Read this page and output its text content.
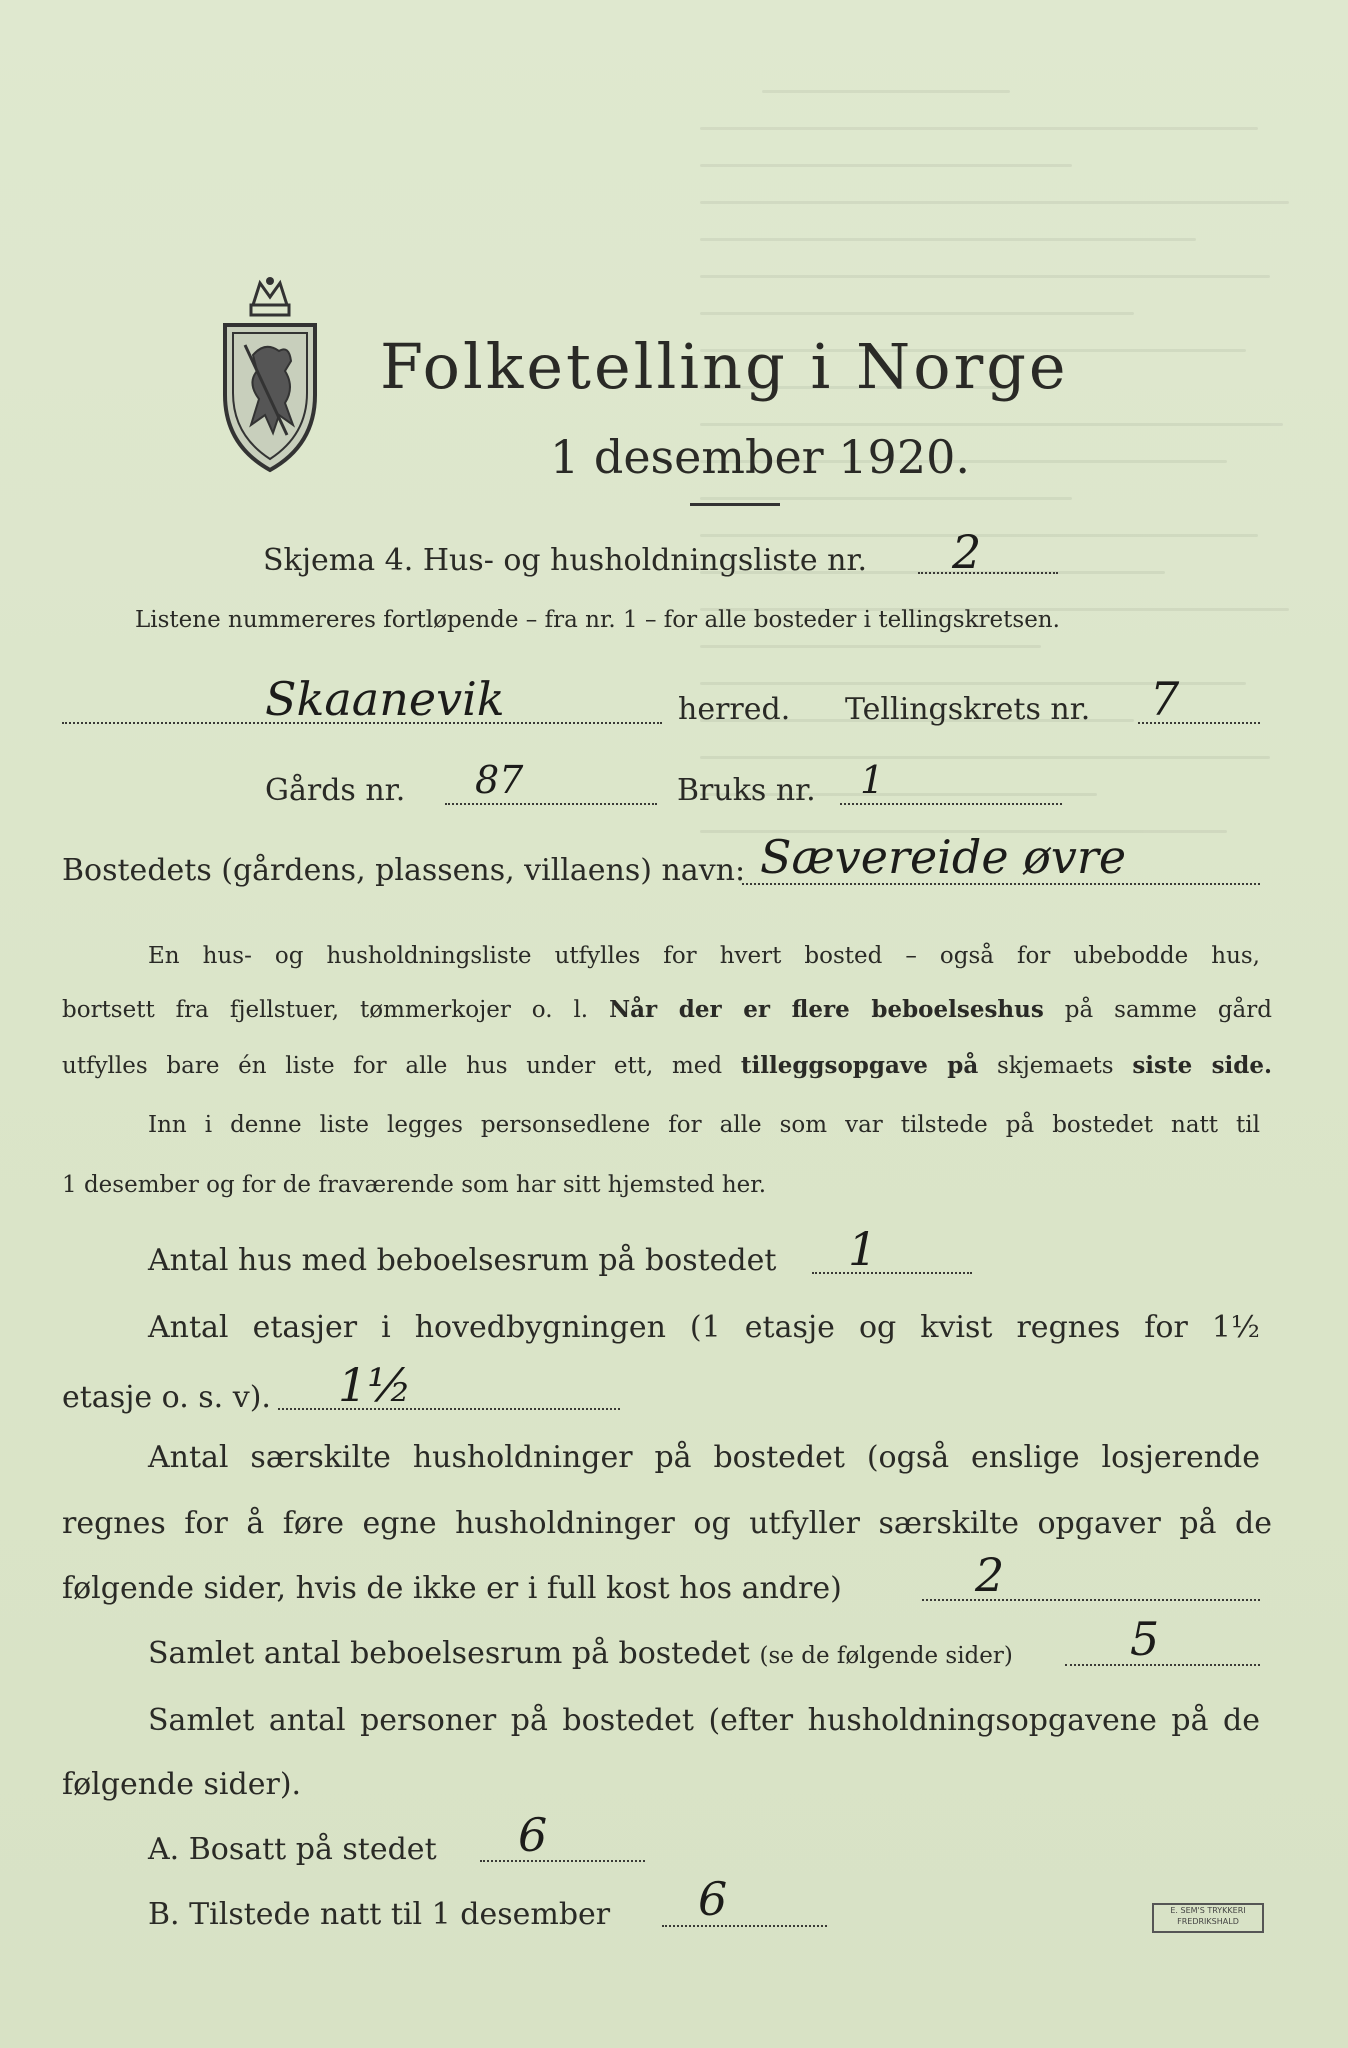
Folketelling i Norge
1 desember 1920.
Skjema 4. Hus- og husholdningsliste nr. 2
Listene nummereres fortløpende – fra nr. 1 – for alle bosteder i tellingskretsen.
Skaanevik	herred. Tellingskrets nr. 7
Gårds nr. 87	Bruks nr. 1
Bostedets (gårdens, plassens, villaens) navn: Sævereide øvre
En hus- og husholdningsliste utfylles for hvert bosted – også for ubebodde hus,
bortsett fra fjellstuer, tømmerkojer o. l. Når der er flere beboelseshus på samme gård
utfylles bare én liste for alle hus under ett, med tilleggsopgave på skjemaets siste side.
Inn i denne liste legges personsedlene for alle som var tilstede på bostedet natt til
1 desember og for de fraværende som har sitt hjemsted her.
Antal hus med beboelsesrum på bostedet 1
Antal etasjer i hovedbygningen (1 etasje og kvist regnes for 1½
etasje o. s. v). 1½
Antal særskilte husholdninger på bostedet (også enslige losjerende
regnes for å føre egne husholdninger og utfyller særskilte opgaver på de
følgende sider, hvis de ikke er i full kost hos andre)	2
Samlet antal beboelsesrum på bostedet (se de følgende sider)	5
Samlet antal personer på bostedet (efter husholdningsopgavene på de
følgende sider).
A. Bosatt på stedet 6
B. Tilstede natt til 1 desember 6	E. SEM'S TRYKKERI
FREDRIKSHALD
